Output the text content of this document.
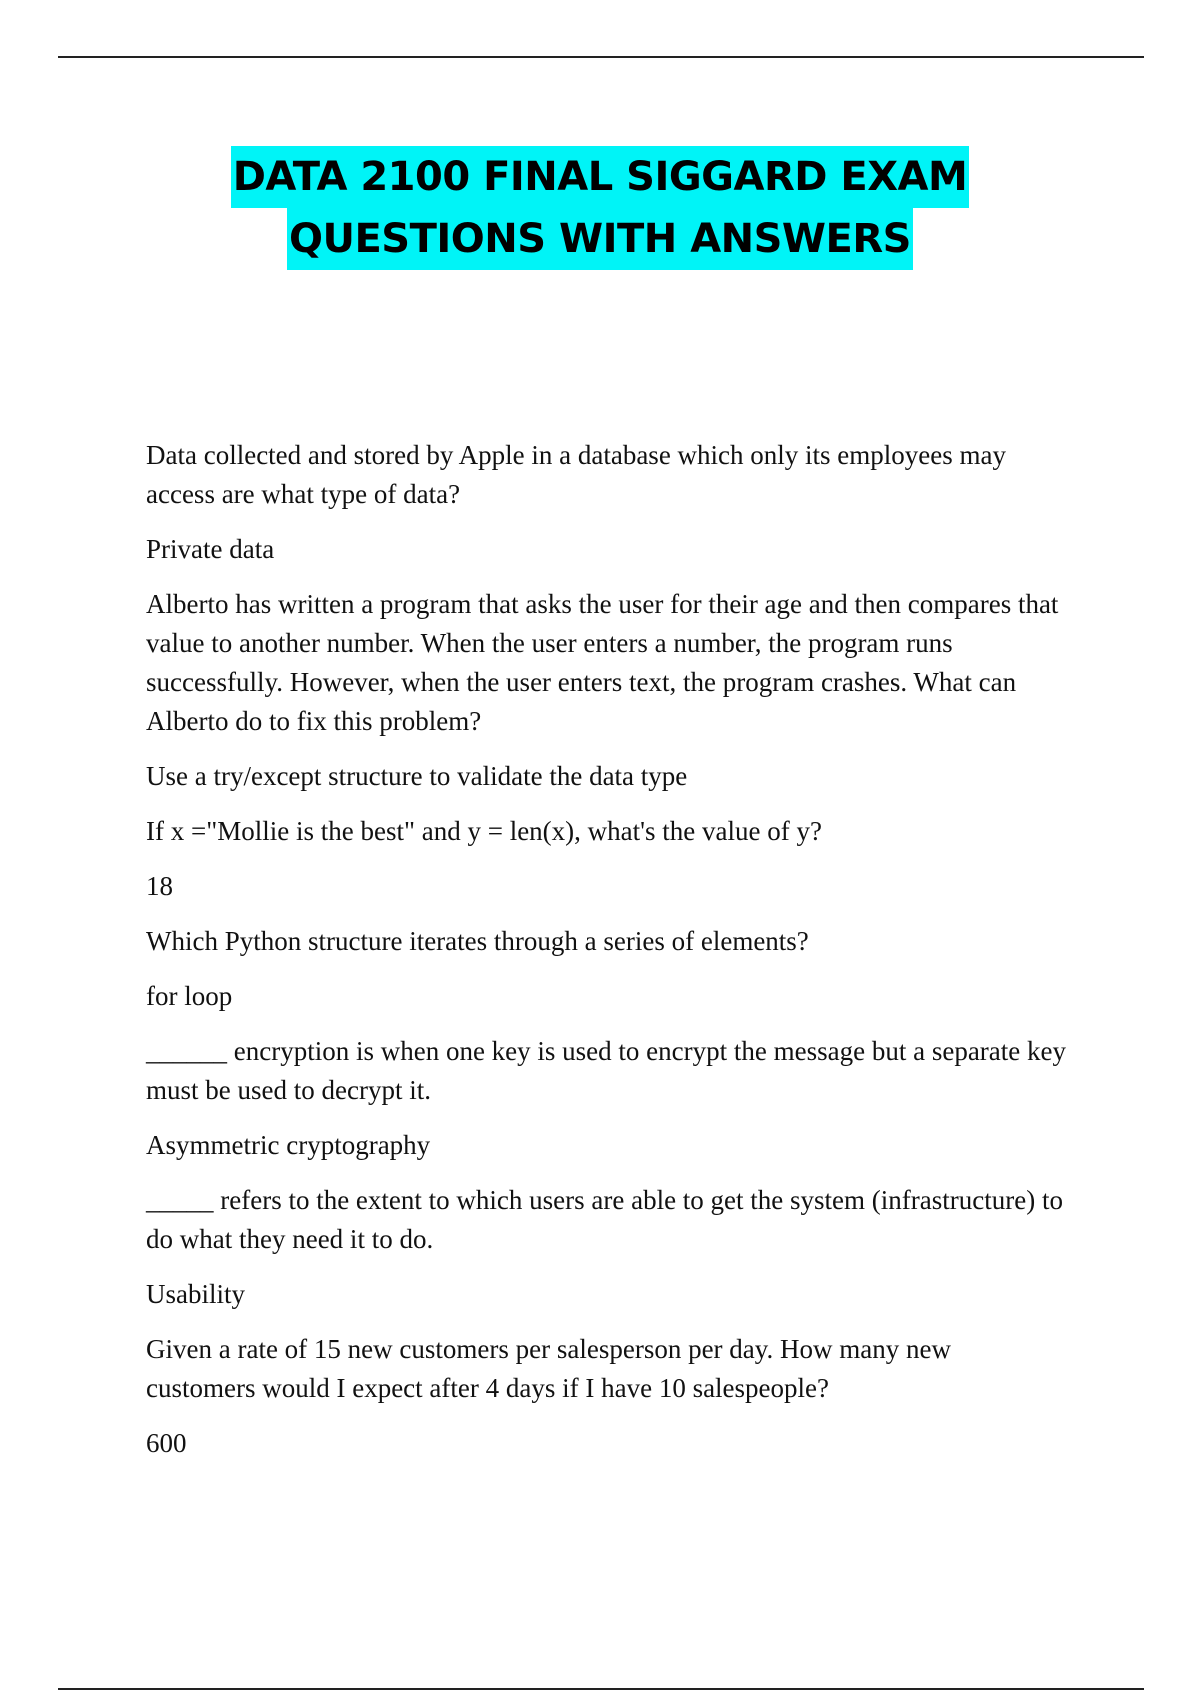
DATA 2100 FINAL SIGGARD EXAM
QUESTIONS WITH ANSWERS

Data collected and stored by Apple in a database which only its employees may access are what type of data?

Private data

Alberto has written a program that asks the user for their age and then compares that value to another number. When the user enters a number, the program runs successfully. However, when the user enters text, the program crashes. What can Alberto do to fix this problem?

Use a try/except structure to validate the data type

If x ="Mollie is the best" and y = len(x), what's the value of y?

18

Which Python structure iterates through a series of elements?

for loop

______ encryption is when one key is used to encrypt the message but a separate key must be used to decrypt it.

Asymmetric cryptography

_____ refers to the extent to which users are able to get the system (infrastructure) to do what they need it to do.

Usability

Given a rate of 15 new customers per salesperson per day. How many new customers would I expect after 4 days if I have 10 salespeople?

600
